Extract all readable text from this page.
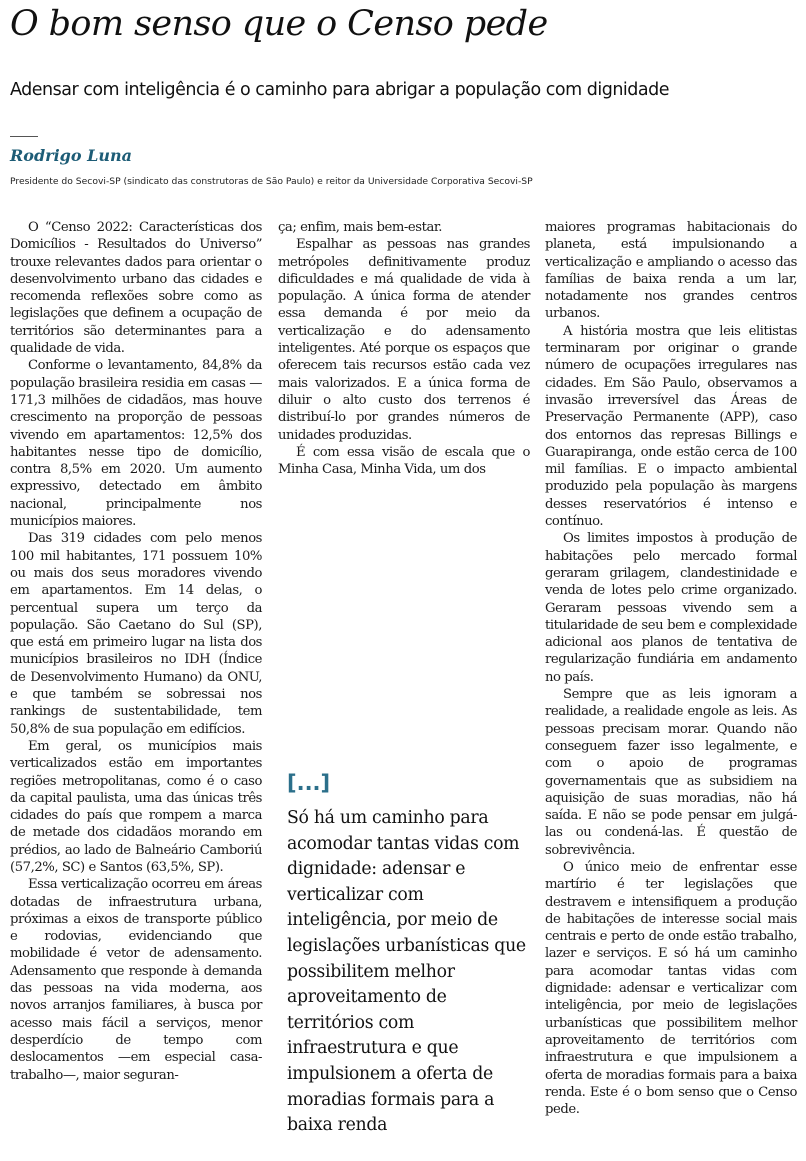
O bom senso que o Censo pede
Adensar com inteligência é o caminho para abrigar a população com dignidade
Rodrigo Luna
Presidente do Secovi-SP (sindicato das construtoras de São Paulo) e reitor da Universidade Corporativa Secovi-SP

O “Censo 2022: Características dos Domicílios - Resultados do Universo” trouxe relevantes dados para orientar o desenvolvimento urbano das cidades e recomenda reflexões sobre como as legislações que definem a ocupação de territórios são determinantes para a qualidade de vida.

Conforme o levantamento, 84,8% da população brasileira residia em casas —171,3 milhões de cidadãos, mas houve crescimento na proporção de pessoas vivendo em apartamentos: 12,5% dos habitantes nesse tipo de domicílio, contra 8,5% em 2020. Um aumento expressivo, detectado em âmbito nacional, principalmente nos municípios maiores.

Das 319 cidades com pelo menos 100 mil habitantes, 171 possuem 10% ou mais dos seus moradores vivendo em apartamentos. Em 14 delas, o percentual supera um terço da população. São Caetano do Sul (SP), que está em primeiro lugar na lista dos municípios brasileiros no IDH (Índice de Desenvolvimento Humano) da ONU, e que também se sobressai nos rankings de sustentabilidade, tem 50,8% de sua população em edifícios.

Em geral, os municípios mais verticalizados estão em importantes regiões metropolitanas, como é o caso da capital paulista, uma das únicas três cidades do país que rompem a marca de metade dos cidadãos morando em prédios, ao lado de Balneário Camboriú (57,2%, SC) e Santos (63,5%, SP).

Essa verticalização ocorreu em áreas dotadas de infraestrutura urbana, próximas a eixos de transporte público e rodovias, evidenciando que mobilidade é vetor de adensamento. Adensamento que responde à demanda das pessoas na vida moderna, aos novos arranjos familiares, à busca por acesso mais fácil a serviços, menor desperdício de tempo com deslocamentos —em especial casa-trabalho—, maior seguran-

ça; enfim, mais bem-estar.

Espalhar as pessoas nas grandes metrópoles definitivamente produz dificuldades e má qualidade de vida à população. A única forma de atender essa demanda é por meio da verticalização e do adensamento inteligentes. Até porque os espaços que oferecem tais recursos estão cada vez mais valorizados. E a única forma de diluir o alto custo dos terrenos é distribuí-lo por grandes números de unidades produzidas.

É com essa visão de escala que o Minha Casa, Minha Vida, um dos

[...]

Só há um caminho para acomodar tantas vidas com dignidade: adensar e verticalizar com inteligência, por meio de legislações urbanísticas que possibilitem melhor aproveitamento de territórios com infraestrutura e que impulsionem a oferta de moradias formais para a baixa renda

maiores programas habitacionais do planeta, está impulsionando a verticalização e ampliando o acesso das famílias de baixa renda a um lar, notadamente nos grandes centros urbanos.

A história mostra que leis elitistas terminaram por originar o grande número de ocupações irregulares nas cidades. Em São Paulo, observamos a invasão irreversível das Áreas de Preservação Permanente (APP), caso dos entornos das represas Billings e Guarapiranga, onde estão cerca de 100 mil famílias. E o impacto ambiental produzido pela população às margens desses reservatórios é intenso e contínuo.

Os limites impostos à produção de habitações pelo mercado formal geraram grilagem, clandestinidade e venda de lotes pelo crime organizado. Geraram pessoas vivendo sem a titularidade de seu bem e complexidade adicional aos planos de tentativa de regularização fundiária em andamento no país.

Sempre que as leis ignoram a realidade, a realidade engole as leis. As pessoas precisam morar. Quando não conseguem fazer isso legalmente, e com o apoio de programas governamentais que as subsidiem na aquisição de suas moradias, não há saída. E não se pode pensar em julgá-las ou condená-las. É questão de sobrevivência.

O único meio de enfrentar esse martírio é ter legislações que destravem e intensifiquem a produção de habitações de interesse social mais centrais e perto de onde estão trabalho, lazer e serviços. E só há um caminho para acomodar tantas vidas com dignidade: adensar e verticalizar com inteligência, por meio de legislações urbanísticas que possibilitem melhor aproveitamento de territórios com infraestrutura e que impulsionem a oferta de moradias formais para a baixa renda. Este é o bom senso que o Censo pede.
